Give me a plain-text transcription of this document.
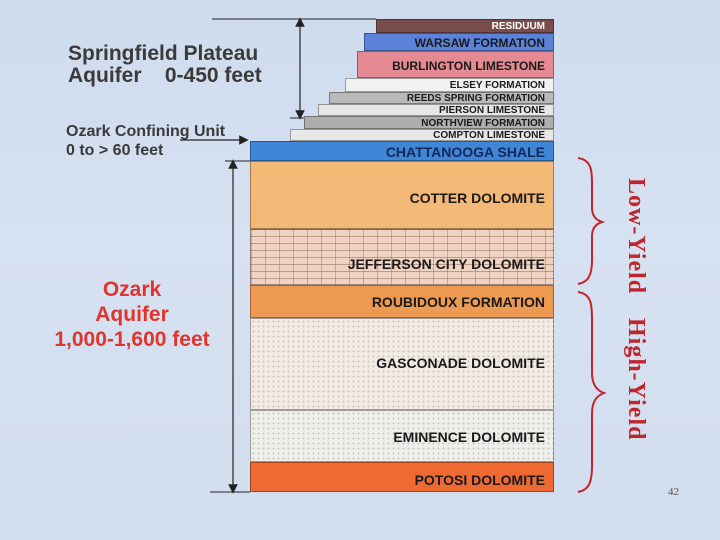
Springfield Plateau
Aquifer    0-450 feet
Ozark Confining Unit
0 to > 60 feet
Ozark
Aquifer
1,000-1,600 feet
RESIDUUM
WARSAW FORMATION
BURLINGTON LIMESTONE
ELSEY FORMATION
REEDS SPRING FORMATION
PIERSON LIMESTONE
NORTHVIEW FORMATION
COMPTON LIMESTONE
CHATTANOOGA SHALE
COTTER DOLOMITE
JEFFERSON CITY DOLOMITE
ROUBIDOUX FORMATION
GASCONADE DOLOMITE
EMINENCE DOLOMITE
POTOSI DOLOMITE
Low-Yield
High-Yield
42
